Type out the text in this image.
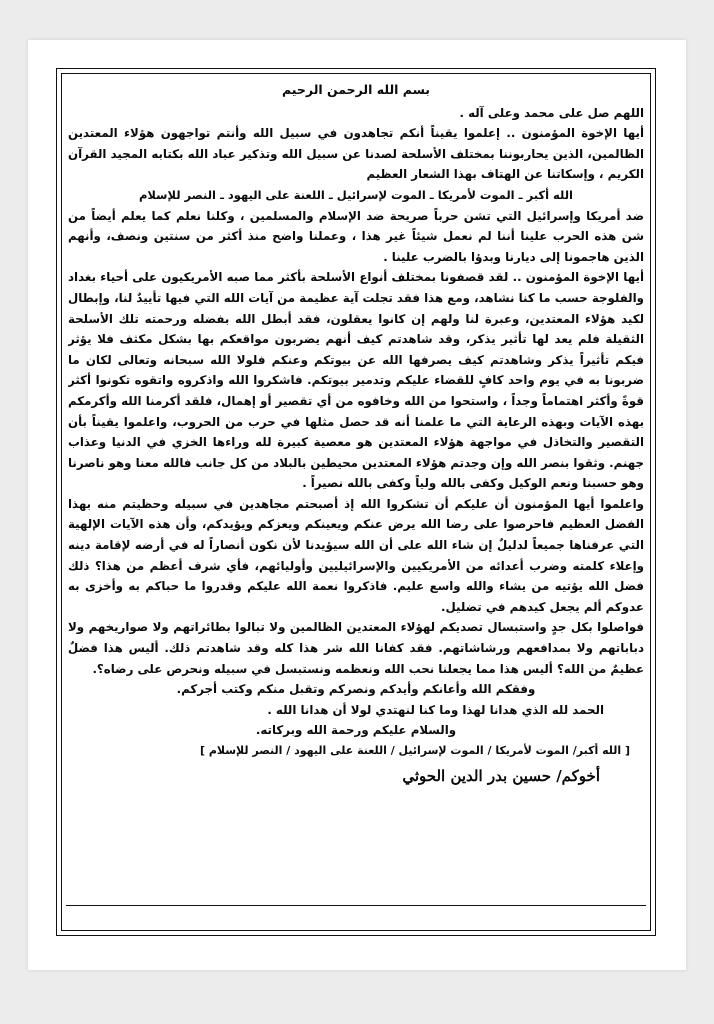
بسم الله الرحمن الرحيم

اللهم صل على محمد وعلى آله .

أيها الإخوة المؤمنون .. إعلموا يقيناً أنكم تجاهدون في سبيل الله وأنتم تواجهون هؤلاء المعتدين الظالمين، الذين يحاربوننا بمختلف الأسلحة لصدنا عن سبيل الله وتذكير عباد الله بكتابه المجيد القرآن الكريم ، وإسكاتنا عن الهتاف بهذا الشعار العظيم

الله أكبر ـ الموت لأمريكا ـ الموت لإسرائيل ـ اللعنة على اليهود ـ النصر للإسلام

ضد أمريكا وإسرائيل التي تشن حرباً صريحة ضد الإسلام والمسلمين ، وكلنا نعلم كما يعلم أيضاً من شن هذه الحرب علينا أننا لم نعمل شيئاً غير هذا ، وعملنا واضح منذ أكثر من سنتين ونصف، وأنهم الذين هاجمونا إلى ديارنا وبدؤا بالضرب علينا .

أيها الإخوة المؤمنون .. لقد قصفونا بمختلف أنواع الأسلحة بأكثر مما صبه الأمريكيون على أحياء بغداد والفلوجة حسب ما كنا نشاهد، ومع هذا فقد تجلت آية عظيمة من آيات الله التي فيها تأييدٌ لنا، وإبطال لكيد هؤلاء المعتدين، وعبرة لنا ولهم إن كانوا يعقلون، فقد أبطل الله بفضله ورحمته تلك الأسلحة الثقيلة فلم يعد لها تأثير يذكر، وقد شاهدتم كيف أنهم يضربون مواقعكم بها بشكل مكثف فلا يؤثر فيكم تأثيراً يذكر وشاهدتم كيف يصرفها الله عن بيوتكم وعنكم فلولا الله سبحانه وتعالى لكان ما ضربونا به في يوم واحد كافٍ للقضاء عليكم وتدمير بيوتكم. فاشكروا الله واذكروه واتقوه تكونوا أكثر قوةً وأكثر اهتماماً وجداً ، واستحوا من الله وخافوه من أي تقصير أو إهمال، فلقد أكرمنا الله وأكرمكم بهذه الآيات وبهذه الرعاية التي ما علمنا أنه قد حصل مثلها في حرب من الحروب، واعلموا يقيناً بأن التقصير والتخاذل في مواجهة هؤلاء المعتدين هو معصية كبيرة لله وراءها الخزي في الدنيا وعذاب جهنم. وثقوا بنصر الله وإن وجدتم هؤلاء المعتدين محيطين بالبلاد من كل جانب فالله معنا وهو ناصرنا وهو حسبنا ونعم الوكيل وكفى بالله ولياً وكفى بالله نصيراً .

واعلموا أيها المؤمنون أن عليكم أن تشكروا الله إذ أصبحتم مجاهدين في سبيله وحظيتم منه بهذا الفضل العظيم فاحرصوا على رضا الله يرض عنكم ويعينكم ويعزكم ويؤيدكم، وأن هذه الآيات الإلهية التي عرفناها جميعاً لدليلٌ إن شاء الله على أن الله سيؤيدنا لأن نكون أنصاراً له في أرضه لإقامة دينه وإعلاء كلمته وضرب أعدائه من الأمريكيين والإسرائيليين وأوليائهم، فأي شرف أعظم من هذا؟ ذلك فضل الله يؤتيه من يشاء والله واسع عليم. فاذكروا نعمة الله عليكم وقدروا ما حباكم به وأخزى به عدوكم ألم يجعل كيدهم في تضليل.

فواصلوا بكل جدٍ واستبسال تصديكم لهؤلاء المعتدين الظالمين ولا تبالوا بطائراتهم ولا صواريخهم ولا دباباتهم ولا بمدافعهم ورشاشاتهم. فقد كفانا الله شر هذا كله وقد شاهدتم ذلك. أليس هذا فضلٌ عظيمٌ من الله؟ أليس هذا مما يجعلنا نحب الله ونعظمه ونستبسل في سبيله ونحرص على رضاه؟.

وفقكم الله وأعانكم وأيدكم ونصركم وتقبل منكم وكتب أجركم.

الحمد لله الذي هدانا لهذا وما كنا لنهتدي لولا أن هدانا الله .

والسلام عليكم ورحمة الله وبركاته.

[ الله أكبر/ الموت لأمريكا / الموت لإسرائيل / اللعنة على اليهود / النصر للإسلام ]

أخوكم/ حسين بدر الدين الحوثي
